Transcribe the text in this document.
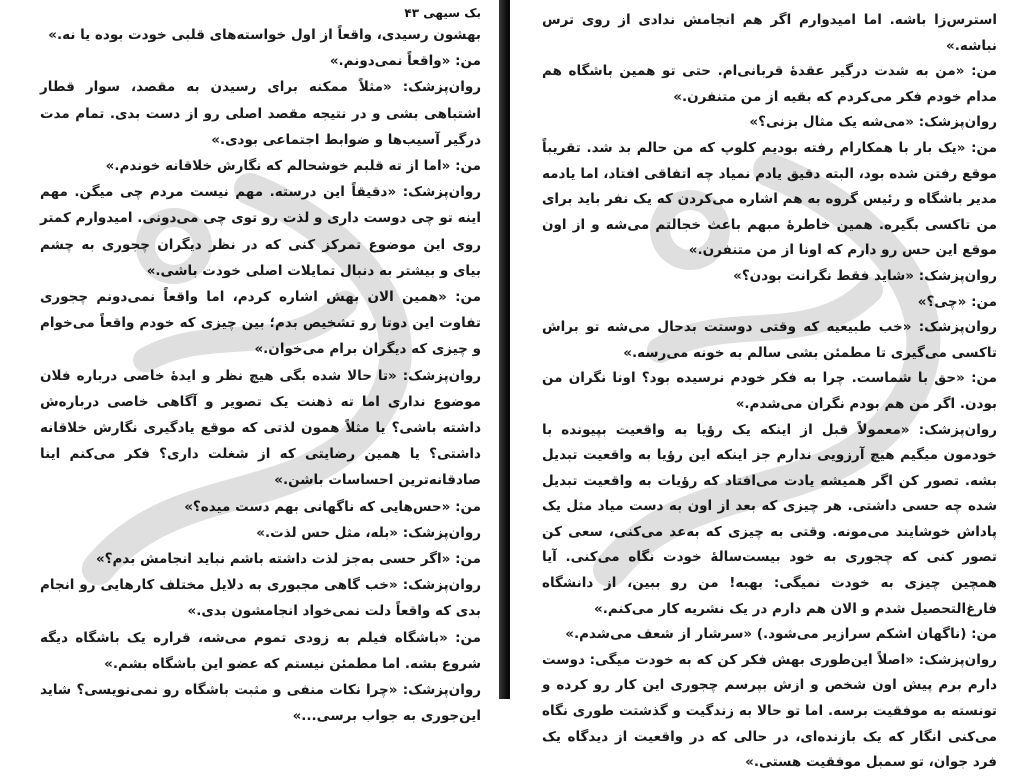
بک سیهی ۴۳

بهشون رسیدی، واقعاً از اول خواسته‌های قلبی خودت بوده یا نه.»

من: «واقعاً نمی‌دونم.»

روان‌پزشک: «مثلاً ممکنه برای رسیدن به مقصد، سوار قطار اشتباهی بشی و در نتیجه مقصد اصلی رو از دست بدی. تمام مدت درگیر آسیب‌ها و ضوابط اجتماعی بودی.»

من: «اما از ته قلبم خوشحالم که نگارش خلاقانه خوندم.»

روان‌پزشک: «دقیقاً این درسته. مهم نیست مردم چی میگن. مهم اینه تو چی دوست داری و لذت رو توی چی می‌دونی. امیدوارم کمتر روی این موضوع تمرکز کنی که در نظر دیگران چجوری به چشم بیای و بیشتر به دنبال تمایلات اصلی خودت باشی.»

من: «همین الان بهش اشاره کردم، اما واقعاً نمی‌دونم چجوری تفاوت این دوتا رو تشخیص بدم؛ بین چیزی که خودم واقعاً می‌خوام و چیزی که دیگران برام می‌خوان.»

روان‌پزشک: «تا حالا شده بگی هیچ نظر و ایدهٔ خاصی درباره فلان موضوع نداری اما ته ذهنت یک تصویر و آگاهی خاصی درباره‌ش داشته باشی؟ یا مثلاً همون لذتی که موقع یادگیری نگارش خلاقانه داشتی؟ یا همین رضایتی که از شغلت داری؟ فکر می‌کنم اینا صادقانه‌ترین احساسات باشن.»

من: «حس‌هایی که ناگهانی بهم دست میده؟»

روان‌پزشک: «بله، مثل حس لذت.»

من: «اگر حسی به‌جز لذت داشته باشم نباید انجامش بدم؟»

روان‌پزشک: «خب گاهی مجبوری به دلایل مختلف کارهایی رو انجام بدی که واقعاً دلت نمی‌خواد انجامشون بدی.»

من: «باشگاه فیلم به زودی تموم می‌شه، قراره یک باشگاه دیگه شروع بشه. اما مطمئن نیستم که عضو این باشگاه بشم.»

روان‌پزشک: «چرا نکات منفی و مثبت باشگاه رو نمی‌نویسی؟ شاید این‌جوری به جواب برسی...»

استرس‌زا باشه. اما امیدوارم اگر هم انجامش ندادی از روی ترس نباشه.»

من: «من به شدت درگیر عقدهٔ قربانی‌ام. حتی تو همین باشگاه هم مدام خودم فکر می‌کردم که بقیه از من متنفرن.»

روان‌پزشک: «می‌شه یک مثال بزنی؟»

من: «یک بار با همکارام رفته بودیم کلوپ که من حالم بد شد. تقریباً موقع رفتن شده بود، البته دقیق یادم نمیاد چه اتفاقی افتاد، اما یادمه مدیر باشگاه و رئیس گروه به هم اشاره می‌کردن که یک نفر باید برای من تاکسی بگیره. همین خاطرهٔ مبهم باعث خجالتم می‌شه و از اون موقع این حس رو دارم که اونا از من متنفرن.»

روان‌پزشک: «شاید فقط نگرانت بودن؟»

من: «چی؟»

روان‌پزشک: «خب طبیعیه که وقتی دوستت بدحال می‌شه تو براش تاکسی می‌گیری تا مطمئن بشی سالم به خونه می‌رسه.»

من: «حق با شماست. چرا به فکر خودم نرسیده بود؟ اونا نگران من بودن. اگر من هم بودم نگران می‌شدم.»

روان‌پزشک: «معمولاً قبل از اینکه یک رؤیا به واقعیت بپیونده با خودمون میگیم هیچ آرزویی ندارم جز اینکه این رؤیا به واقعیت تبدیل بشه. تصور کن اگر همیشه یادت می‌افتاد که رؤیات به واقعیت تبدیل شده چه حسی داشتی. هر چیزی که بعد از اون به دست میاد مثل یک پاداش خوشایند می‌مونه. وقتی به چیزی که به‌عد می‌کنی، سعی کن تصور کنی که چجوری به خود بیست‌سالهٔ خودت نگاه می‌کنی. آیا همچین چیزی به خودت نمیگی: بهبه! من رو ببین، از دانشگاه فارغ‌التحصیل شدم و الان هم دارم در یک نشریه کار می‌کنم.»

من: (ناگهان اشکم سرازیر می‌شود.) «سرشار از شعف می‌شدم.»

روان‌پزشک: «اصلاً این‌طوری بهش فکر کن که به خودت میگی: دوست دارم برم پیش اون شخص و ازش بپرسم چجوری این کار رو کرده و تونسته به موفقیت برسه. اما تو حالا به زندگیت و گذشتت طوری نگاه می‌کنی انگار که یک بازنده‌ای، در حالی که در واقعیت از دیدگاه یک فرد جوان، تو سمبل موفقیت هستی.»
